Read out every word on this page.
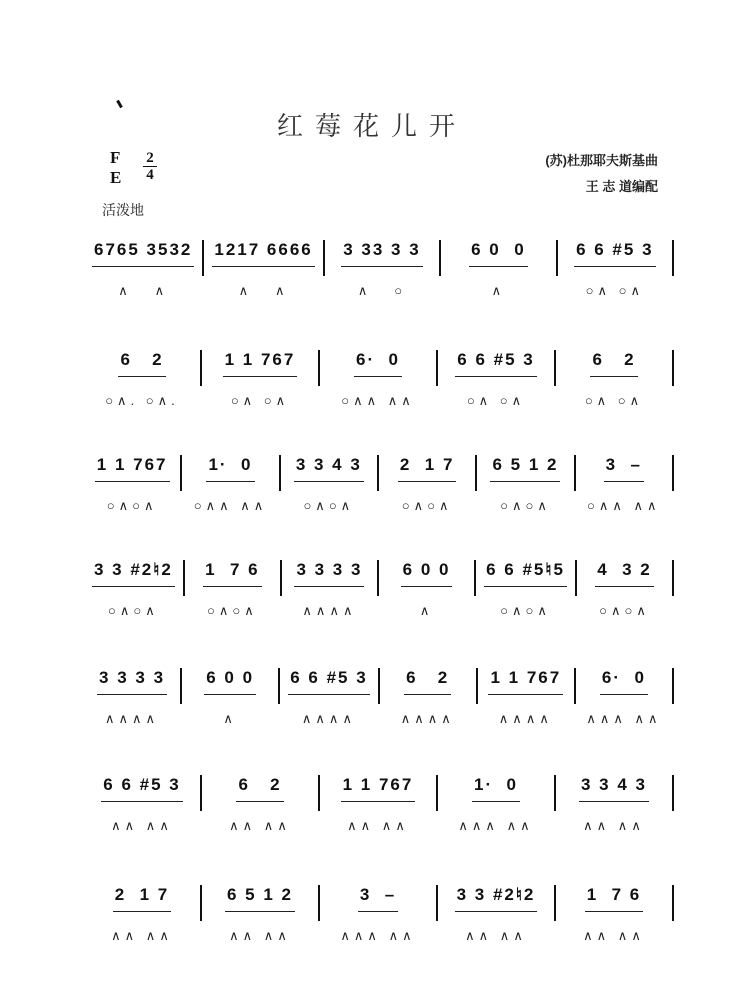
红莓花儿开
F
E
2
4
(苏)杜那耶夫斯基曲
王 志 道编配
活泼地
6765 3532
∧   ∧
1217 6666
∧   ∧
3 33 3 3
∧   ○
6 0  0
∧
6 6 #5 3
○∧ ○∧
6   2
○∧. ○∧.
1 1 767
○∧ ○∧
6·  0
○∧∧ ∧∧
6 6 #5 3
○∧ ○∧
6   2
○∧ ○∧
1 1 767
○∧○∧
1·  0
○∧∧ ∧∧
3 3 4 3
○∧○∧
2  1 7
○∧○∧
6 5 1 2
○∧○∧
3  –
○∧∧ ∧∧
3 3 #2♮2
○∧○∧
1  7 6
○∧○∧
3 3 3 3
∧∧∧∧
6 0 0
∧
6 6 #5♮5
○∧○∧
4  3 2
○∧○∧
3 3 3 3
∧∧∧∧
6 0 0
∧
6 6 #5 3
∧∧∧∧
6   2
∧∧∧∧
1 1 767
∧∧∧∧
6·  0
∧∧∧ ∧∧
6 6 #5 3
∧∧ ∧∧
6   2
∧∧ ∧∧
1 1 767
∧∧ ∧∧
1·  0
∧∧∧ ∧∧
3 3 4 3
∧∧ ∧∧
2  1 7
∧∧ ∧∧
6 5 1 2
∧∧ ∧∧
3  –
∧∧∧ ∧∧
3 3 #2♮2
∧∧ ∧∧
1  7 6
∧∧ ∧∧
